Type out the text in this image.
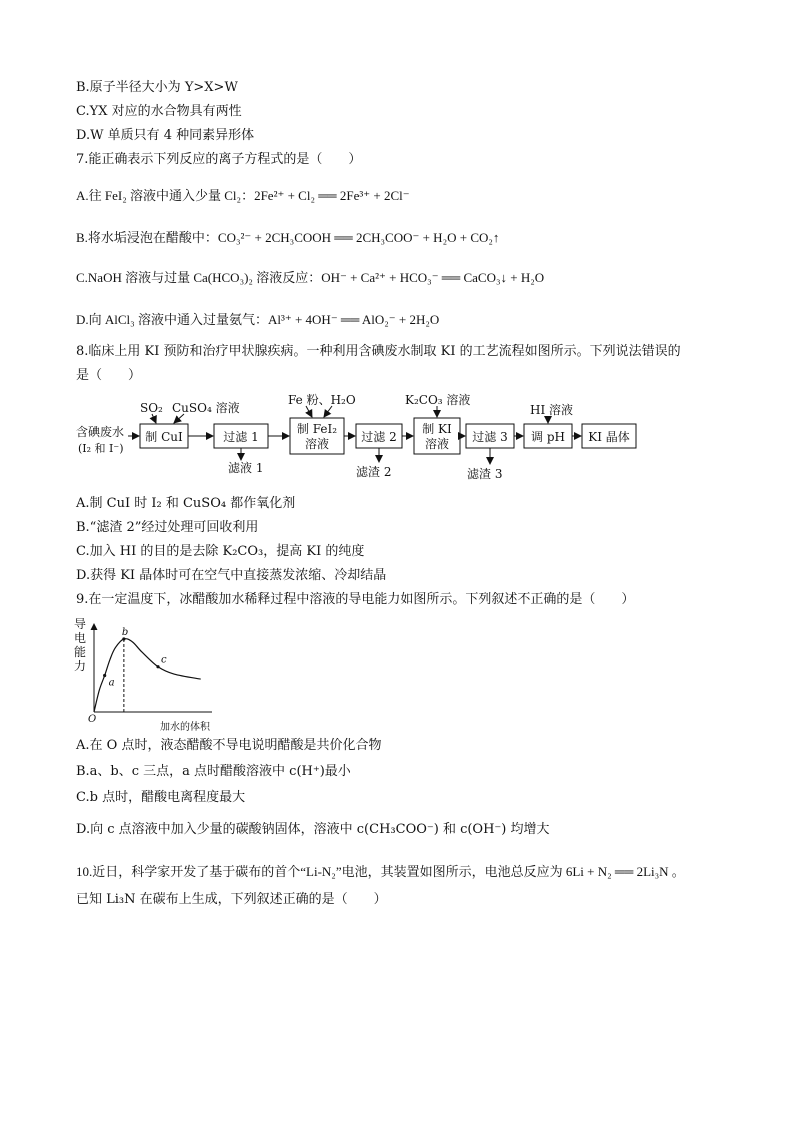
B.原子半径大小为 Y>X>W
C.YX 对应的水合物具有两性
D.W 单质只有 4 种同素异形体
7.能正确表示下列反应的离子方程式的是（　　）
A.往 FeI₂ 溶液中通入少量 Cl₂：2Fe²⁺ + Cl₂ ══ 2Fe³⁺ + 2Cl⁻
B.将水垢浸泡在醋酸中：CO₃²⁻ + 2CH₃COOH ══ 2CH₃COO⁻ + H₂O + CO₂↑
C.NaOH 溶液与过量 Ca(HCO₃)₂ 溶液反应：OH⁻ + Ca²⁺ + HCO₃⁻ ══ CaCO₃↓ + H₂O
D.向 AlCl₃ 溶液中通入过量氨气：Al³⁺ + 4OH⁻ ══ AlO₂⁻ + 2H₂O
8.临床上用 KI 预防和治疗甲状腺疾病。一种利用含碘废水制取 KI 的工艺流程如图所示。下列说法错误的
是（　　）
含碘废水
(I₂ 和 I⁻)
制 CuI	过滤 1
制 FeI₂
溶液	过滤 2
制 KI
溶液 过滤 3 调 pH KI 晶体
SO₂ CuSO₄ 溶液
Fe 粉、H₂O	K₂CO₃ 溶液
HI 溶液
滤液 1	滤渣 2	滤渣 3
A.制 CuI 时 I₂ 和 CuSO₄ 都作氧化剂
B.“滤渣 2”经过处理可回收利用
C.加入 HI 的目的是去除 K₂CO₃，提高 KI 的纯度
D.获得 KI 晶体时可在空气中直接蒸发浓缩、冷却结晶
9.在一定温度下，冰醋酸加水稀释过程中溶液的导电能力如图所示。下列叙述不正确的是（　　）
导
电
能
力
O
加水的体积
a
b
c
A.在 O 点时，液态醋酸不导电说明醋酸是共价化合物
B.a、b、c 三点，a 点时醋酸溶液中 c(H⁺)最小
C.b 点时，醋酸电离程度最大
D.向 c 点溶液中加入少量的碳酸钠固体，溶液中 c(CH₃COO⁻) 和 c(OH⁻) 均增大
10.近日，科学家开发了基于碳布的首个“Li-N₂”电池，其装置如图所示，电池总反应为 6Li + N₂ ══ 2Li₃N 。
已知 Li₃N 在碳布上生成，下列叙述正确的是（　　）
